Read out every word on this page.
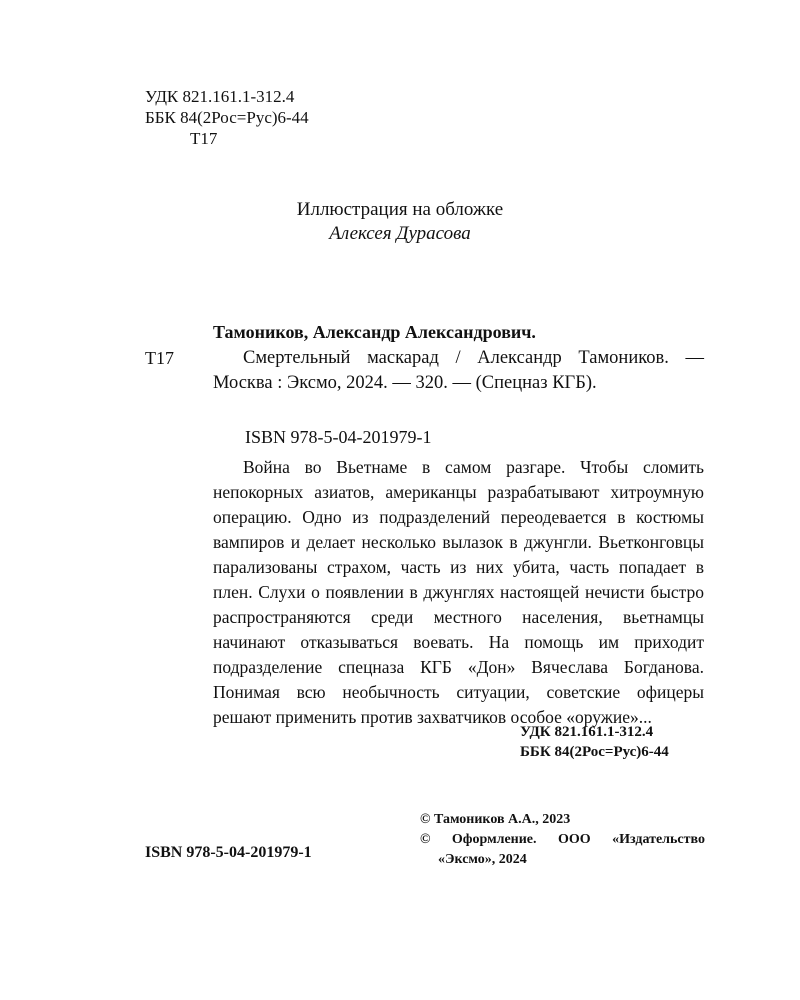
УДК 821.161.1-312.4
ББК 84(2Рос=Рус)6-44
Т17
Иллюстрация на обложке
Алексея Дурасова
Тамоников, Александр Александрович.
Т17	Смертельный маскарад / Александр Тамоников. — Москва : Эксмо, 2024. — 320. — (Спецназ КГБ).
ISBN 978-5-04-201979-1
Война во Вьетнаме в самом разгаре. Чтобы сломить непокорных азиатов, американцы разрабатывают хитроумную операцию. Одно из подразделений переодевается в костюмы вампиров и делает несколько вылазок в джунгли. Вьетконговцы парализованы страхом, часть из них убита, часть попадает в плен. Слухи о появлении в джунглях настоящей нечисти быстро распространяются среди местного населения, вьетнамцы начинают отказываться воевать. На помощь им приходит подразделение спецназа КГБ «Дон» Вячеслава Богданова. Понимая всю необычность ситуации, советские офицеры решают применить против захватчиков особое «оружие»...
УДК 821.161.1-312.4
ББК 84(2Рос=Рус)6-44
ISBN 978-5-04-201979-1
© Тамоников А.А., 2023
© Оформление. ООО «Издательство
«Эксмо», 2024
